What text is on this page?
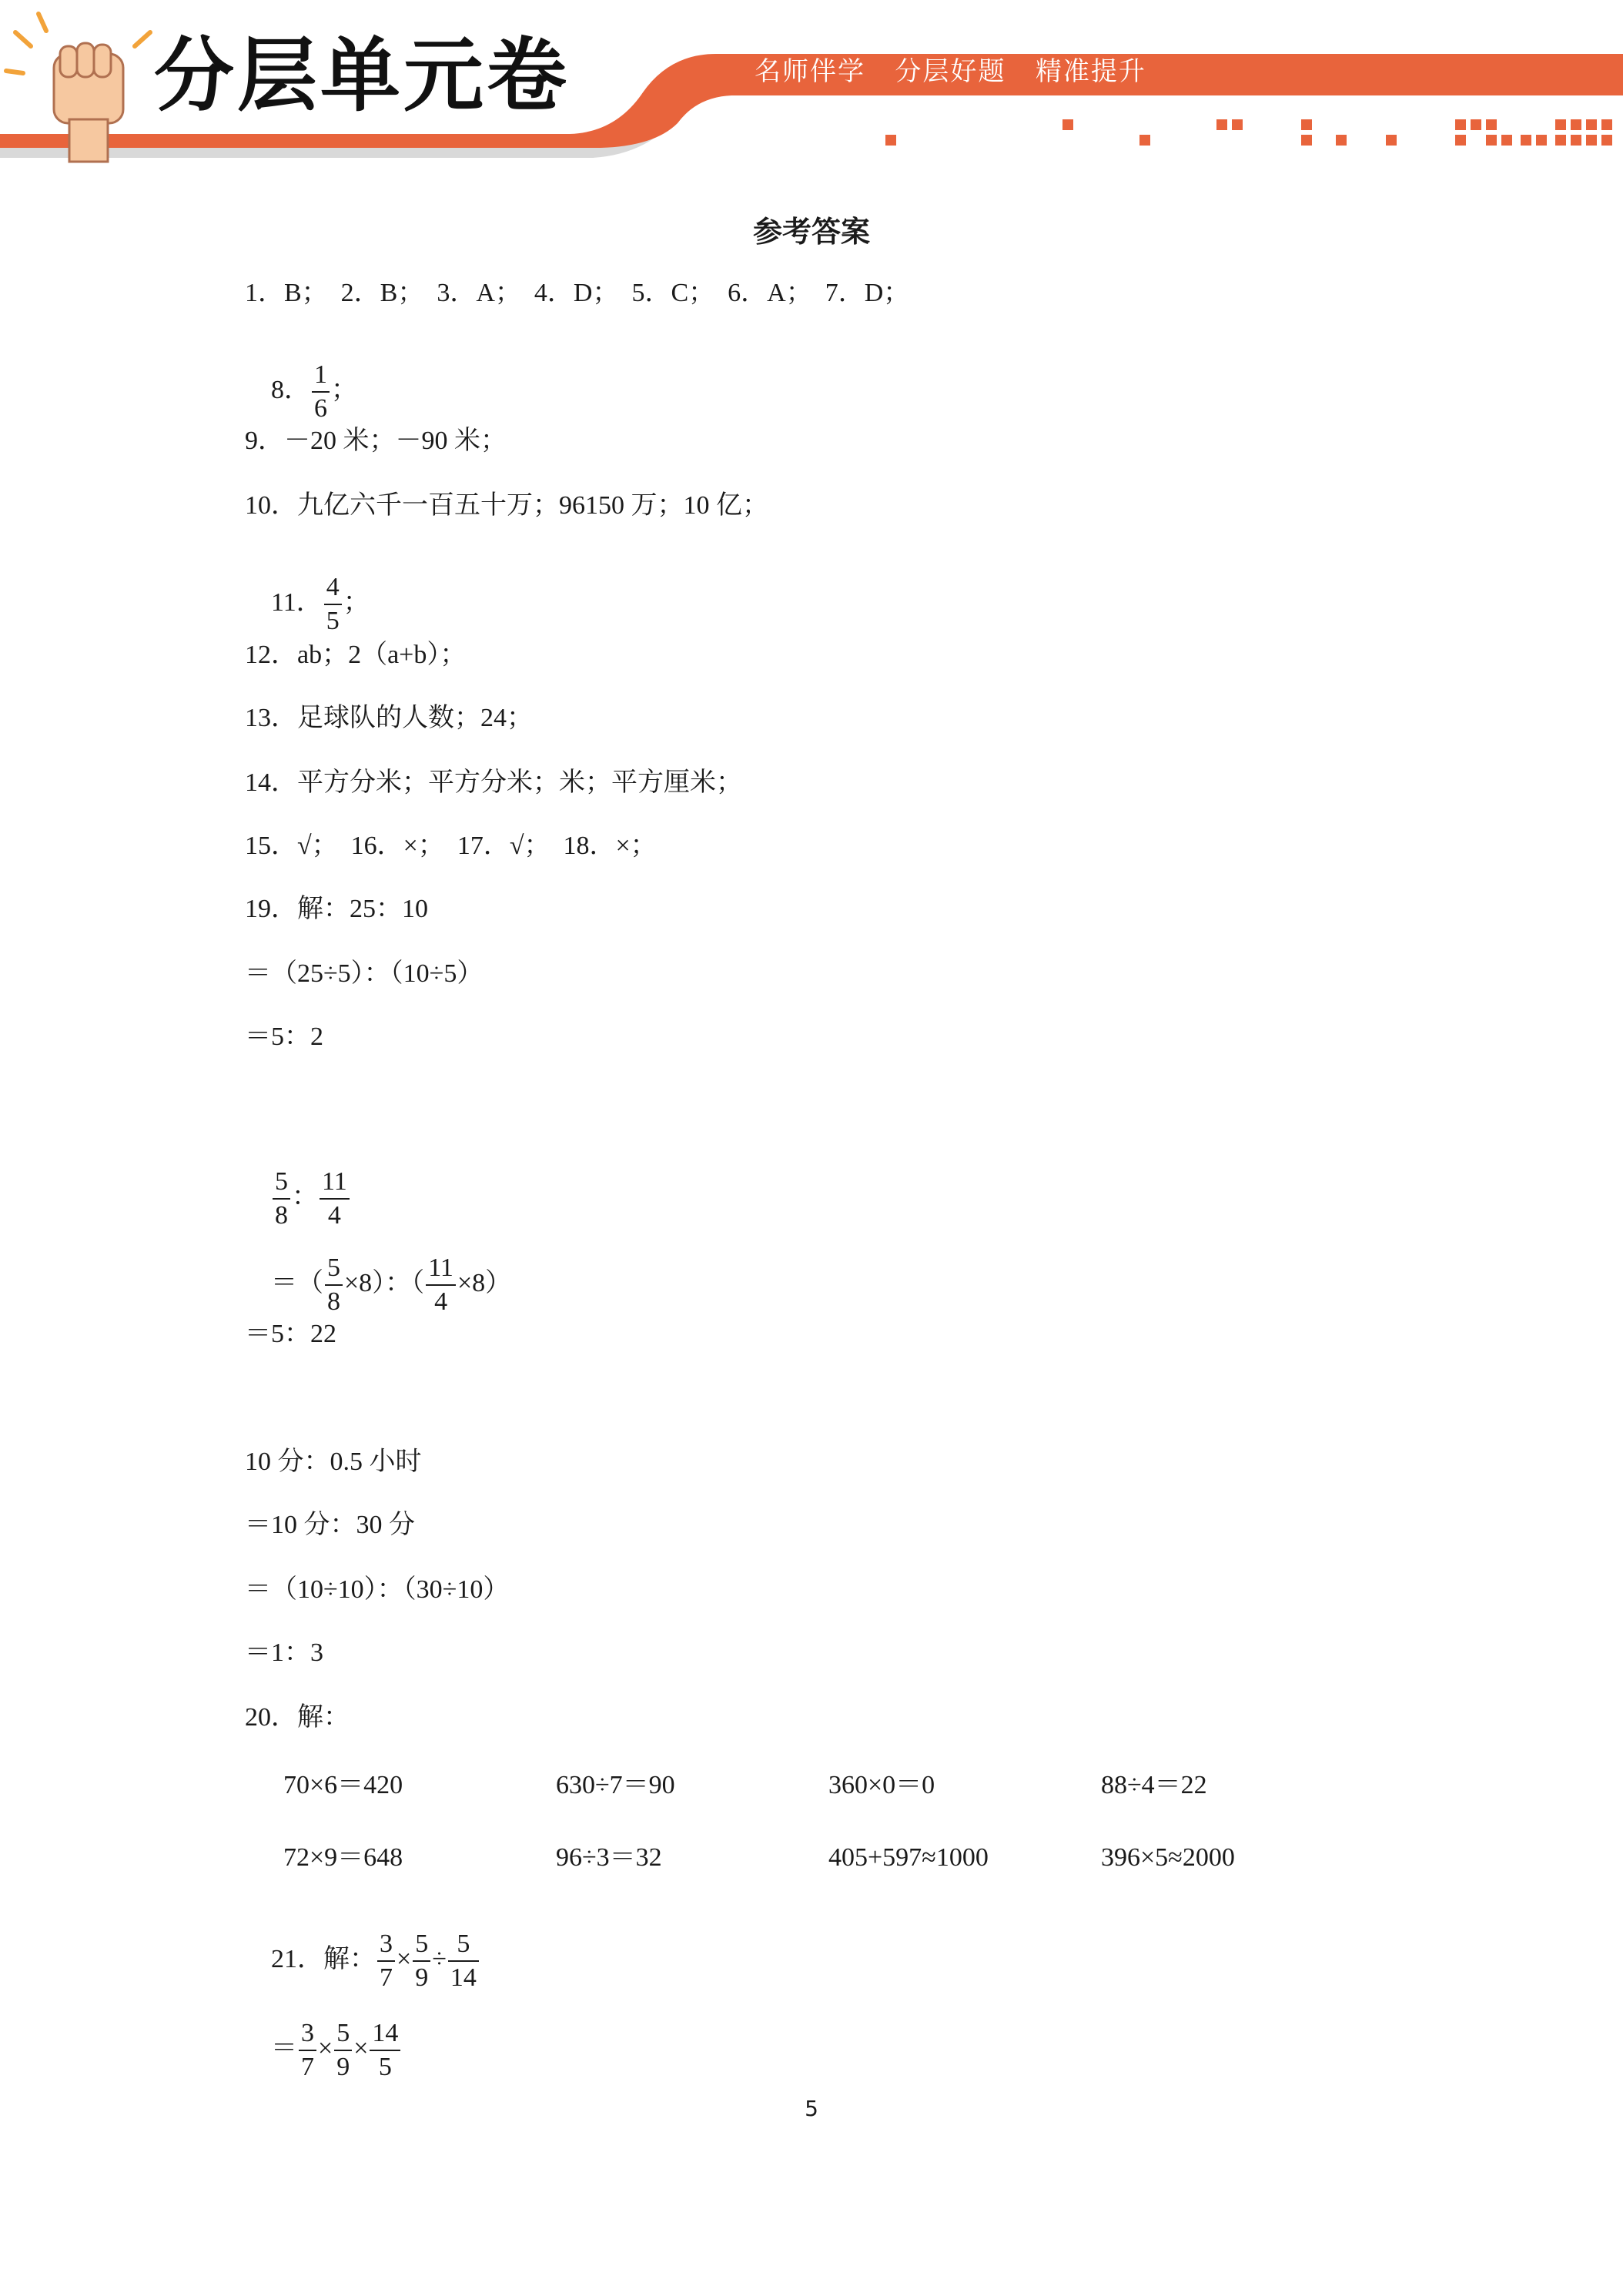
分层单元卷	名师伴学   分层好题   精准提升
参考答案
1．B；  2．B；  3．A；  4．D；  5．C；  6．A；  7．D；

8． $\frac{1}{6}$ ；

9．－20 米；－90 米；
10．九亿六千一百五十万；96150 万；10 亿；

11． $\frac{4}{5}$ ；

12．ab；2（a+b）；
13．足球队的人数；24；
14．平方分米；平方分米；米；平方厘米；
15．√；  16．×；  17．√；  18．×；
19．解：25：10
＝（25÷5）：（10÷5）
＝5：2

$\frac{5}{8}$ ： $\frac{11}{4}$

＝（ $\frac{5}{8} \times 8$）：（ $\frac{11}{4} \times 8$）

＝5：22
10 分：0.5 小时
＝10 分：30 分
＝（10÷10）：（30÷10）
＝1：3
20．解：
70×6＝420	630÷7＝90	360×0＝0	88÷4＝22
72×9＝648	96÷3＝32	405+597≈1000	396×5≈2000

21．解： $\frac{3}{7} \times \frac{5}{9} \div \frac{5}{14}$

＝ $\frac{3}{7} \times \frac{5}{9} \times \frac{14}{5}$

5
